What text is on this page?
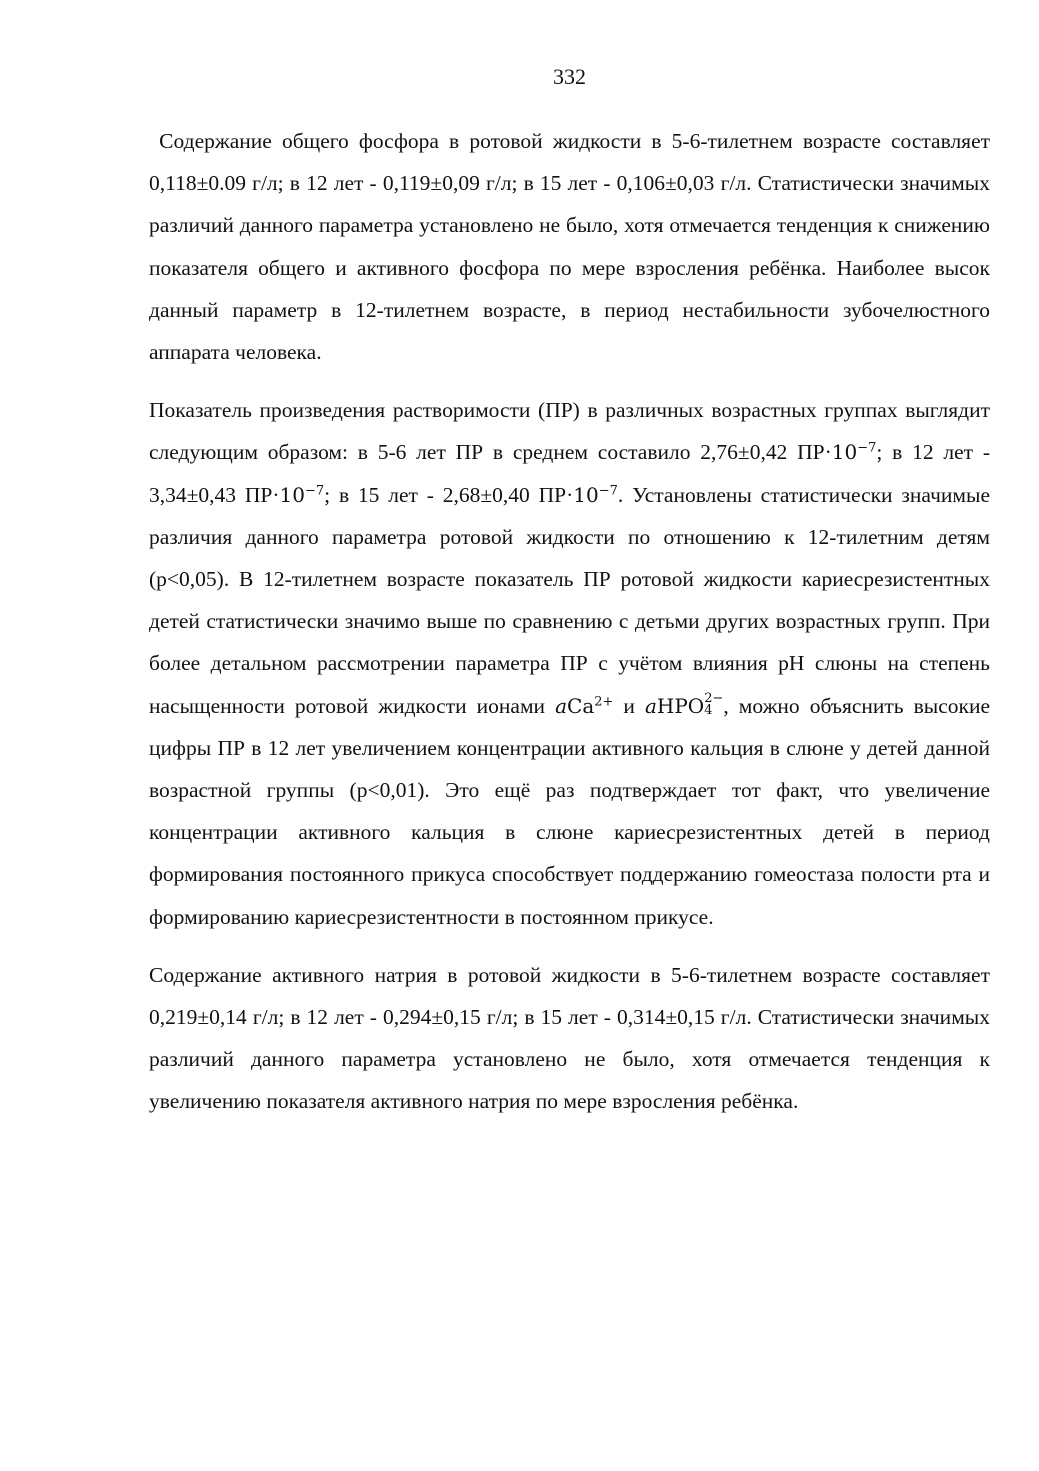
332

Содержание общего фосфора в ротовой жидкости в 5-6-тилетнем возрасте составляет 0,118±0.09 г/л; в 12 лет - 0,119±0,09 г/л; в 15 лет - 0,106±0,03 г/л. Статистически значимых различий данного параметра установлено не было, хотя отмечается тенденция к снижению показателя общего и активного фосфора по мере взросления ребёнка. Наиболее высок данный параметр в 12-тилетнем возрасте, в период нестабильности зубочелюстного аппарата человека.

Показатель произведения растворимости (ПР) в различных возрастных группах выглядит следующим образом: в 5-6 лет ПР в среднем составило 2,76±0,42 $ПР\cdot 10^{-7}$; в 12 лет - 3,34±0,43 $ПР\cdot 10^{-7}$; в 15 лет - 2,68±0,40 $ПР\cdot 10^{-7}$. Установлены статистически значимые различия данного параметра ротовой жидкости по отношению к 12-тилетним детям (р<0,05). В 12-тилетнем возрасте показатель ПР ротовой жидкости кариесрезистентных детей статистически значимо выше по сравнению с детьми других возрастных групп. При более детальном рассмотрении параметра ПР с учётом влияния pH слюны на степень насыщенности ротовой жидкости ионами aCa$^{2+}$ и aHPO 2−
4 , можно объяснить высокие цифры ПР в 12 лет увеличением концентрации активного кальция в слюне у детей данной возрастной группы (р<0,01). Это ещё раз подтверждает тот факт, что увеличение концентрации активного кальция в слюне кариесрезистентных детей в период формирования постоянного прикуса способствует поддержанию гомеостаза полости рта и формированию кариесрезистентности в постоянном прикусе.

Содержание активного натрия в ротовой жидкости в 5-6-тилетнем возрасте составляет 0,219±0,14 г/л; в 12 лет - 0,294±0,15 г/л; в 15 лет - 0,314±0,15 г/л. Статистически значимых различий данного параметра установлено не было, хотя отмечается тенденция к увеличению показателя активного натрия по мере взросления ребёнка.
